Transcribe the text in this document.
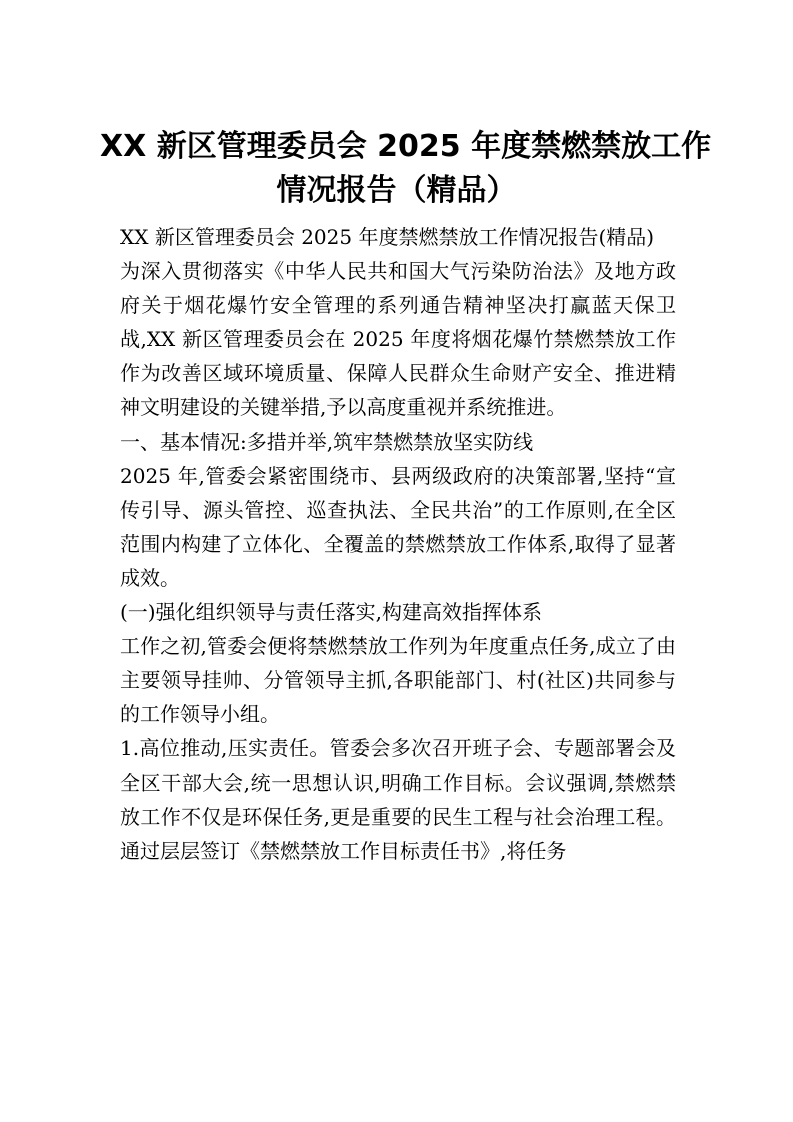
XX 新区管理委员会 2025 年度禁燃禁放工作
情况报告（精品）

XX 新区管理委员会 2025 年度禁燃禁放工作情况报告(精品)

为深入贯彻落实《中华人民共和国大气污染防治法》及地方政府关于烟花爆竹安全管理的系列通告精神坚决打赢蓝天保卫战,XX 新区管理委员会在 2025 年度将烟花爆竹禁燃禁放工作作为改善区域环境质量、保障人民群众生命财产安全、推进精神文明建设的关键举措,予以高度重视并系统推进。

一、基本情况:多措并举,筑牢禁燃禁放坚实防线

2025 年,管委会紧密围绕市、县两级政府的决策部署,坚持“宣传引导、源头管控、巡查执法、全民共治”的工作原则,在全区范围内构建了立体化、全覆盖的禁燃禁放工作体系,取得了显著成效。

(一)强化组织领导与责任落实,构建高效指挥体系

工作之初,管委会便将禁燃禁放工作列为年度重点任务,成立了由主要领导挂帅、分管领导主抓,各职能部门、村(社区)共同参与的工作领导小组。

1.高位推动,压实责任。管委会多次召开班子会、专题部署会及全区干部大会,统一思想认识,明确工作目标。会议强调,禁燃禁放工作不仅是环保任务,更是重要的民生工程与社会治理工程。通过层层签订《禁燃禁放工作目标责任书》,将任务
